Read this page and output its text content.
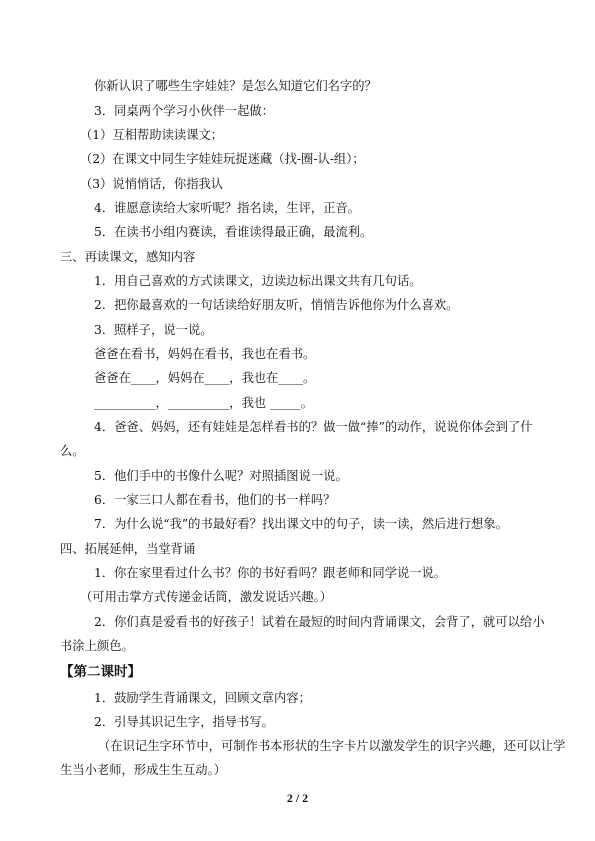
你新认识了哪些生字娃娃？是怎么知道它们名字的？
3．同桌两个学习小伙伴一起做：
（1）互相帮助读读课文；
（2）在课文中同生字娃娃玩捉迷藏（找-圈-认-组）；
（3）说悄悄话，你指我认
4．谁愿意读给大家听呢？指名读，生评，正音。
5．在读书小组内赛读，看谁读得最正确，最流利。
三、再读课文，感知内容
1．用自己喜欢的方式读课文，边读边标出课文共有几句话。
2．把你最喜欢的一句话读给好朋友听，悄悄告诉他你为什么喜欢。
3．照样子，说一说。
爸爸在看书，妈妈在看书，我也在看书。
爸爸在____，妈妈在____，我也在____。
__________，__________，我也 _____。
4．爸爸、妈妈，还有娃娃是怎样看书的？做一做“捧”的动作，说说你体会到了什
么。
5．他们手中的书像什么呢？对照插图说一说。
6．一家三口人都在看书，他们的书一样吗？
7．为什么说“我”的书最好看？找出课文中的句子，读一读，然后进行想象。
四、拓展延伸，当堂背诵
1．你在家里看过什么书？你的书好看吗？跟老师和同学说一说。
（可用击掌方式传递金话筒，激发说话兴趣。）
2．你们真是爱看书的好孩子！试着在最短的时间内背诵课文，会背了，就可以给小
书涂上颜色。
【第二课时】
1．鼓励学生背诵课文，回顾文章内容；
2．引导其识记生字，指导书写。
（在识记生字环节中，可制作书本形状的生字卡片以激发学生的识字兴趣，还可以让学
生当小老师，形成生生互动。）
2 / 2
